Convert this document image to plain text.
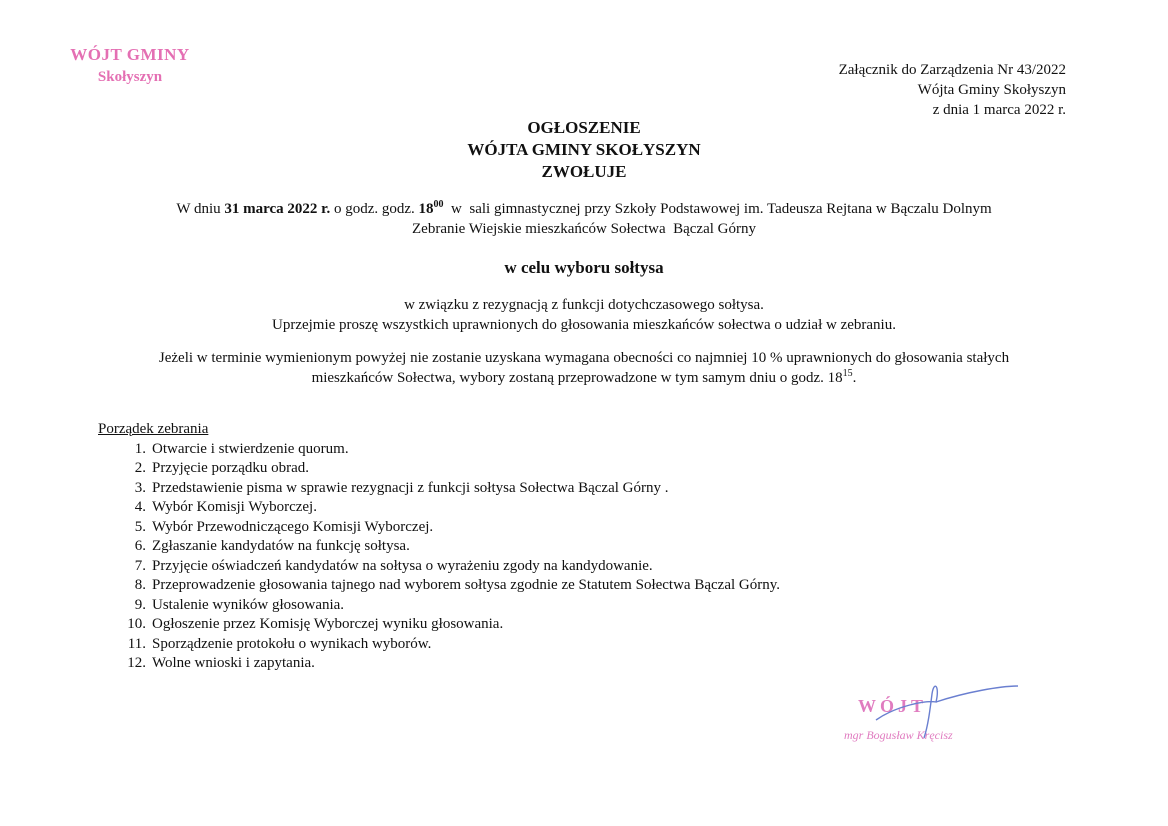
WÓJT GMINY
Skołyszyn	Załącznik do Zarządzenia Nr 43/2022
Wójta Gminy Skołyszyn
z dnia 1 marca 2022 r.
OGŁOSZENIE
WÓJTA GMINY SKOŁYSZYN
ZWOŁUJE
W dniu 31 marca 2022 r. o godz. godz. $18^{00}$  w  sali gimnastycznej przy Szkoły Podstawowej im. Tadeusza Rejtana w Bączalu Dolnym
Zebranie Wiejskie mieszkańców Sołectwa  Bączal Górny
w celu wyboru sołtysa
w związku z rezygnacją z funkcji dotychczasowego sołtysa.
Uprzejmie proszę wszystkich uprawnionych do głosowania mieszkańców sołectwa o udział w zebraniu.
Jeżeli w terminie wymienionym powyżej nie zostanie uzyskana wymagana obecności co najmniej 10 % uprawnionych do głosowania stałych
mieszkańców Sołectwa, wybory zostaną przeprowadzone w tym samym dniu o godz. $18^{15}$.
Porządek zebrania
1. Otwarcie i stwierdzenie quorum.
2. Przyjęcie porządku obrad.
3. Przedstawienie pisma w sprawie rezygnacji z funkcji sołtysa Sołectwa Bączal Górny .
4. Wybór Komisji Wyborczej.
5. Wybór Przewodniczącego Komisji Wyborczej.
6. Zgłaszanie kandydatów na funkcję sołtysa.
7. Przyjęcie oświadczeń kandydatów na sołtysa o wyrażeniu zgody na kandydowanie.
8. Przeprowadzenie głosowania tajnego nad wyborem sołtysa zgodnie ze Statutem Sołectwa Bączal Górny.
9. Ustalenie wyników głosowania.
10. Ogłoszenie przez Komisję Wyborczej wyniku głosowania.
11. Sporządzenie protokołu o wynikach wyborów.
12. Wolne wnioski i zapytania.
WÓJT
mgr Bogusław Kręcisz
